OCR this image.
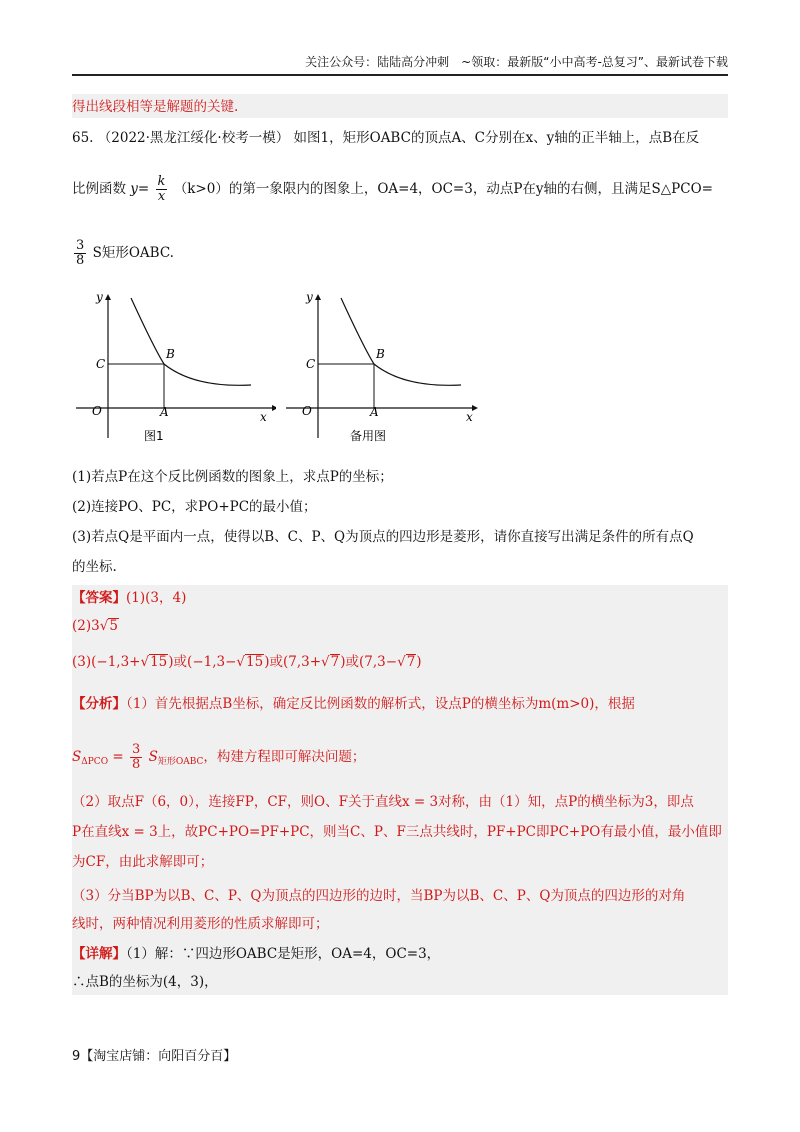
关注公众号：陆陆高分冲刺　~领取：最新版“小中高考-总复习”、最新试卷下载
得出线段相等是解题的关键.
65. （2022·黑龙江绥化·校考一模） 如图1，矩形OABC的顶点A、C分别在x、y轴的正半轴上，点B在反
比例函数 $y= \frac{k}{x} (k>0)$的第一象限内的图象上，OA=4，OC=3，动点P在y轴的右侧，且满足S△PCO=
$\frac{3}{8}$ S矩形OABC.
y
x
O	A
B
C
图1
y
x
O	A
B
C
备用图
(1)若点P在这个反比例函数的图象上，求点P的坐标；
(2)连接PO、PC，求PO+PC的最小值；
(3)若点Q是平面内一点，使得以B、C、P、Q为顶点的四边形是菱形，请你直接写出满足条件的所有点Q
的坐标.
【答案】(1)(3，4)
(2)3√5
(3)(−1,3+√15)或(−1,3−√15)或(7,3+√7)或(7,3−√7)
【分析】（1）首先根据点B坐标，确定反比例函数的解析式，设点P的横坐标为m(m>0)，根据
$S_{\Delta PCO} = \frac{3}{8} S_{矩形OABC}$，构建方程即可解决问题；
（2）取点F（6，0），连接FP，CF，则O、F关于直线x = 3对称，由（1）知，点P的横坐标为3，即点
P在直线x = 3上，故PC+PO=PF+PC，则当C、P、F三点共线时，PF+PC即PC+PO有最小值，最小值即
为CF，由此求解即可；
（3）分当BP为以B、C、P、Q为顶点的四边形的边时，当BP为以B、C、P、Q为顶点的四边形的对角
线时，两种情况利用菱形的性质求解即可；
【详解】（1）解：∵四边形OABC是矩形，OA=4，OC=3，
∴点B的坐标为(4，3)，
9【淘宝店铺：向阳百分百】
